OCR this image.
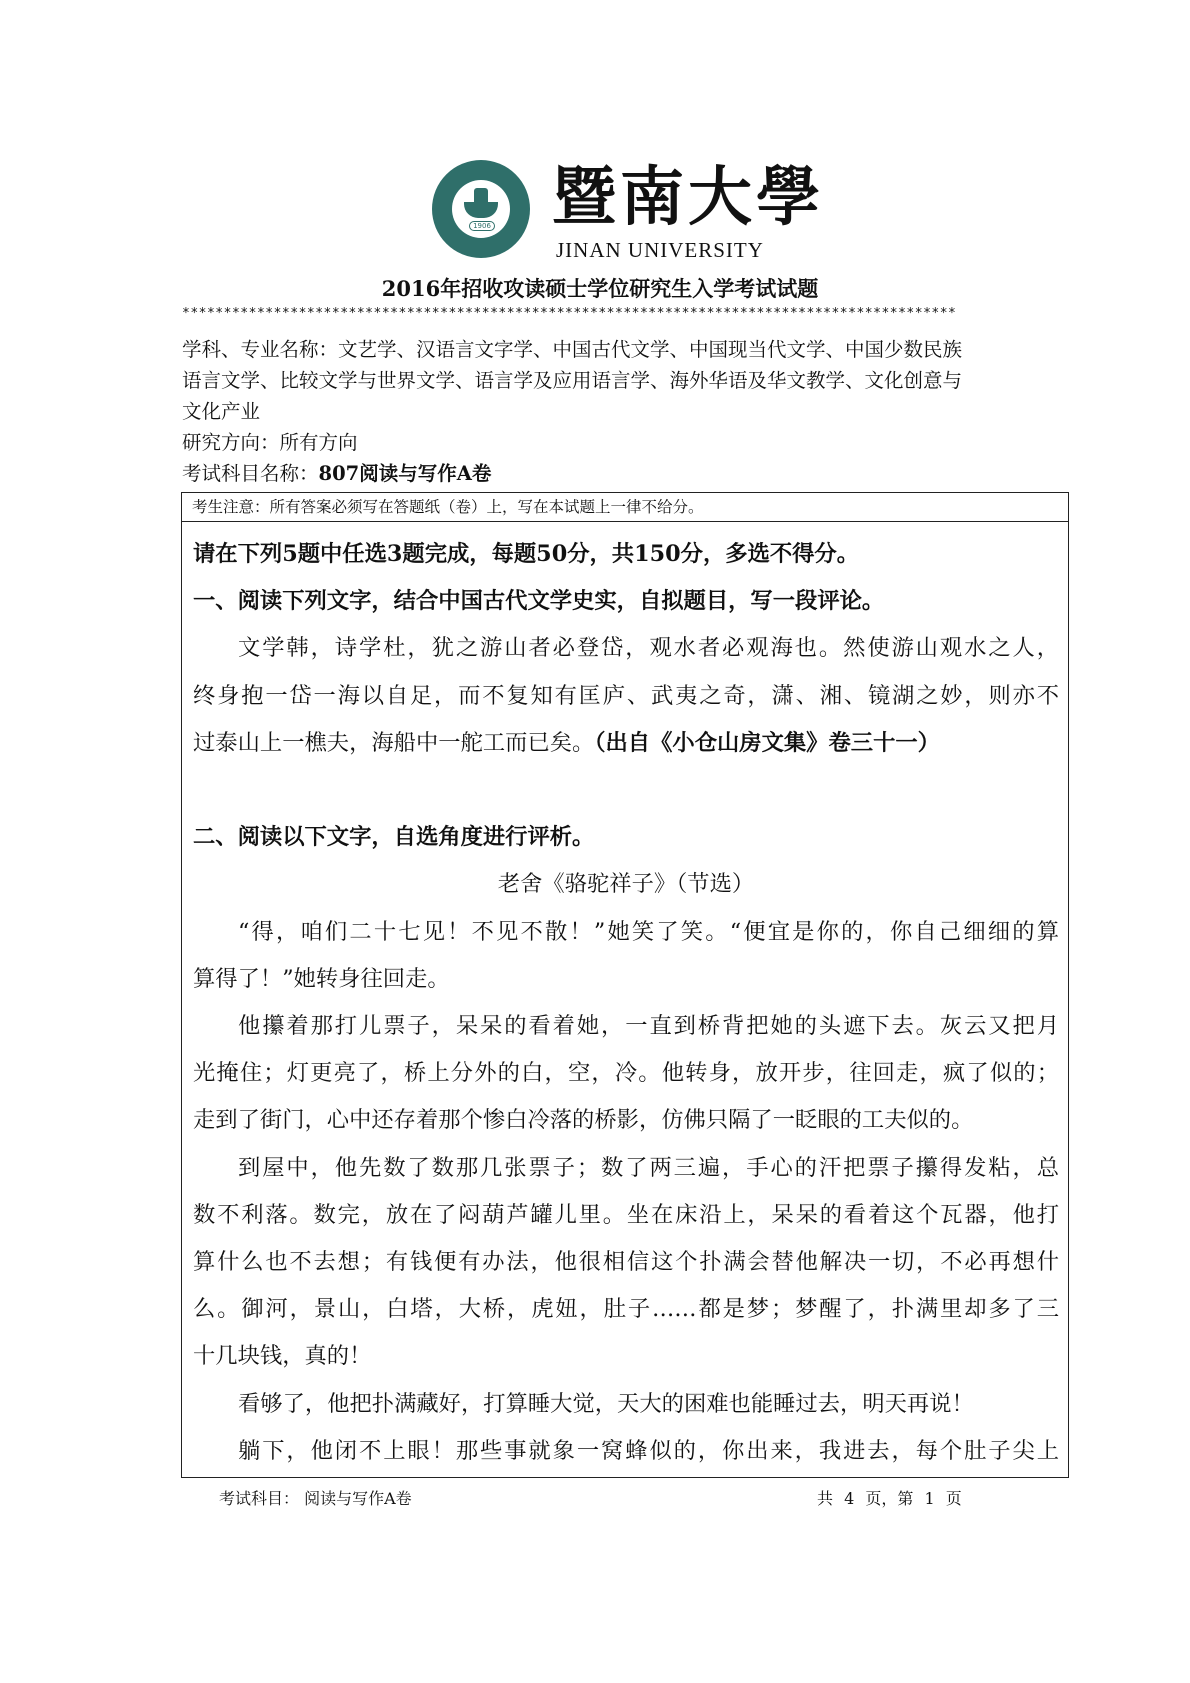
1906 暨南大學
JINAN UNIVERSITY
2016年招收攻读硕士学位研究生入学考试试题
*********************************************************************************************
学科、专业名称：文艺学、汉语言文字学、中国古代文学、中国现当代文学、中国少数民族
语言文学、比较文学与世界文学、语言学及应用语言学、海外华语及华文教学、文化创意与
文化产业
研究方向：所有方向
考试科目名称：807阅读与写作A卷
考生注意：所有答案必须写在答题纸（卷）上，写在本试题上一律不给分。
请在下列5题中任选3题完成，每题50分，共150分，多选不得分。
一、阅读下列文字，结合中国古代文学史实，自拟题目，写一段评论。
文学韩，诗学杜，犹之游山者必登岱，观水者必观海也。然使游山观水之人，
终身抱一岱一海以自足，而不复知有匡庐、武夷之奇，潇、湘、镜湖之妙，则亦不
过泰山上一樵夫，海船中一舵工而已矣。（出自《小仓山房文集》卷三十一）
二、阅读以下文字，自选角度进行评析。
老舍《骆驼祥子》（节选）
“得，咱们二十七见！不见不散！”她笑了笑。“便宜是你的，你自己细细的算
算得了！”她转身往回走。
他攥着那打儿票子，呆呆的看着她，一直到桥背把她的头遮下去。灰云又把月
光掩住；灯更亮了，桥上分外的白，空，冷。他转身，放开步，往回走，疯了似的；
走到了街门，心中还存着那个惨白冷落的桥影，仿佛只隔了一眨眼的工夫似的。
到屋中，他先数了数那几张票子；数了两三遍，手心的汗把票子攥得发粘，总
数不利落。数完，放在了闷葫芦罐儿里。坐在床沿上，呆呆的看着这个瓦器，他打
算什么也不去想；有钱便有办法，他很相信这个扑满会替他解决一切，不必再想什
么。御河，景山，白塔，大桥，虎妞，肚子……都是梦；梦醒了，扑满里却多了三
十几块钱，真的！
看够了，他把扑满藏好，打算睡大觉，天大的困难也能睡过去，明天再说！
躺下，他闭不上眼！那些事就象一窝蜂似的，你出来，我进去，每个肚子尖上
考试科目： 阅读与写作A卷	共 4 页，第 1 页
